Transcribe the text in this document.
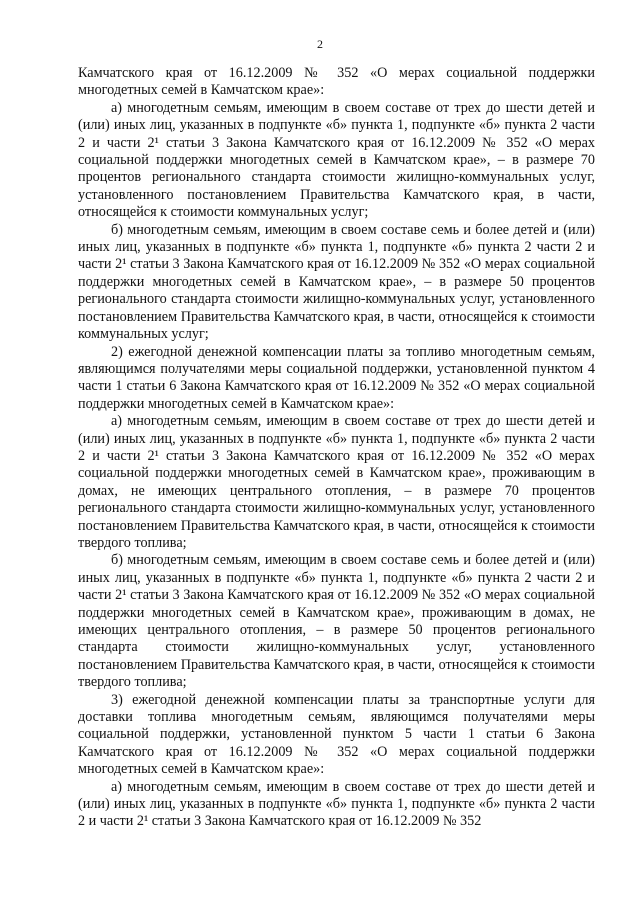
2

Камчатского края от 16.12.2009 № 352 «О мерах социальной поддержки многодетных семей в Камчатском крае»:

а) многодетным семьям, имеющим в своем составе от трех до шести детей и (или) иных лиц, указанных в подпункте «б» пункта 1, подпункте «б» пункта 2 части 2 и части 2¹ статьи 3 Закона Камчатского края от 16.12.2009 № 352 «О мерах социальной поддержки многодетных семей в Камчатском крае», – в размере 70 процентов регионального стандарта стоимости жилищно-коммунальных услуг, установленного постановлением Правительства Камчатского края, в части, относящейся к стоимости коммунальных услуг;

б) многодетным семьям, имеющим в своем составе семь и более детей и (или) иных лиц, указанных в подпункте «б» пункта 1, подпункте «б» пункта 2 части 2 и части 2¹ статьи 3 Закона Камчатского края от 16.12.2009 № 352 «О мерах социальной поддержки многодетных семей в Камчатском крае», – в размере 50 процентов регионального стандарта стоимости жилищно-коммунальных услуг, установленного постановлением Правительства Камчатского края, в части, относящейся к стоимости коммунальных услуг;

2) ежегодной денежной компенсации платы за топливо многодетным семьям, являющимся получателями меры социальной поддержки, установленной пунктом 4 части 1 статьи 6 Закона Камчатского края от 16.12.2009 № 352 «О мерах социальной поддержки многодетных семей в Камчатском крае»:

а) многодетным семьям, имеющим в своем составе от трех до шести детей и (или) иных лиц, указанных в подпункте «б» пункта 1, подпункте «б» пункта 2 части 2 и части 2¹ статьи 3 Закона Камчатского края от 16.12.2009 № 352 «О мерах социальной поддержки многодетных семей в Камчатском крае», проживающим в домах, не имеющих центрального отопления, – в размере 70 процентов регионального стандарта стоимости жилищно-коммунальных услуг, установленного постановлением Правительства Камчатского края, в части, относящейся к стоимости твердого топлива;

б) многодетным семьям, имеющим в своем составе семь и более детей и (или) иных лиц, указанных в подпункте «б» пункта 1, подпункте «б» пункта 2 части 2 и части 2¹ статьи 3 Закона Камчатского края от 16.12.2009 № 352 «О мерах социальной поддержки многодетных семей в Камчатском крае», проживающим в домах, не имеющих центрального отопления, – в размере 50 процентов регионального стандарта стоимости жилищно-коммунальных услуг, установленного постановлением Правительства Камчатского края, в части, относящейся к стоимости твердого топлива;

3) ежегодной денежной компенсации платы за транспортные услуги для доставки топлива многодетным семьям, являющимся получателями меры социальной поддержки, установленной пунктом 5 части 1 статьи 6 Закона Камчатского края от 16.12.2009 № 352 «О мерах социальной поддержки многодетных семей в Камчатском крае»:

а) многодетным семьям, имеющим в своем составе от трех до шести детей и (или) иных лиц, указанных в подпункте «б» пункта 1, подпункте «б» пункта 2 части 2 и части 2¹ статьи 3 Закона Камчатского края от 16.12.2009 № 352
